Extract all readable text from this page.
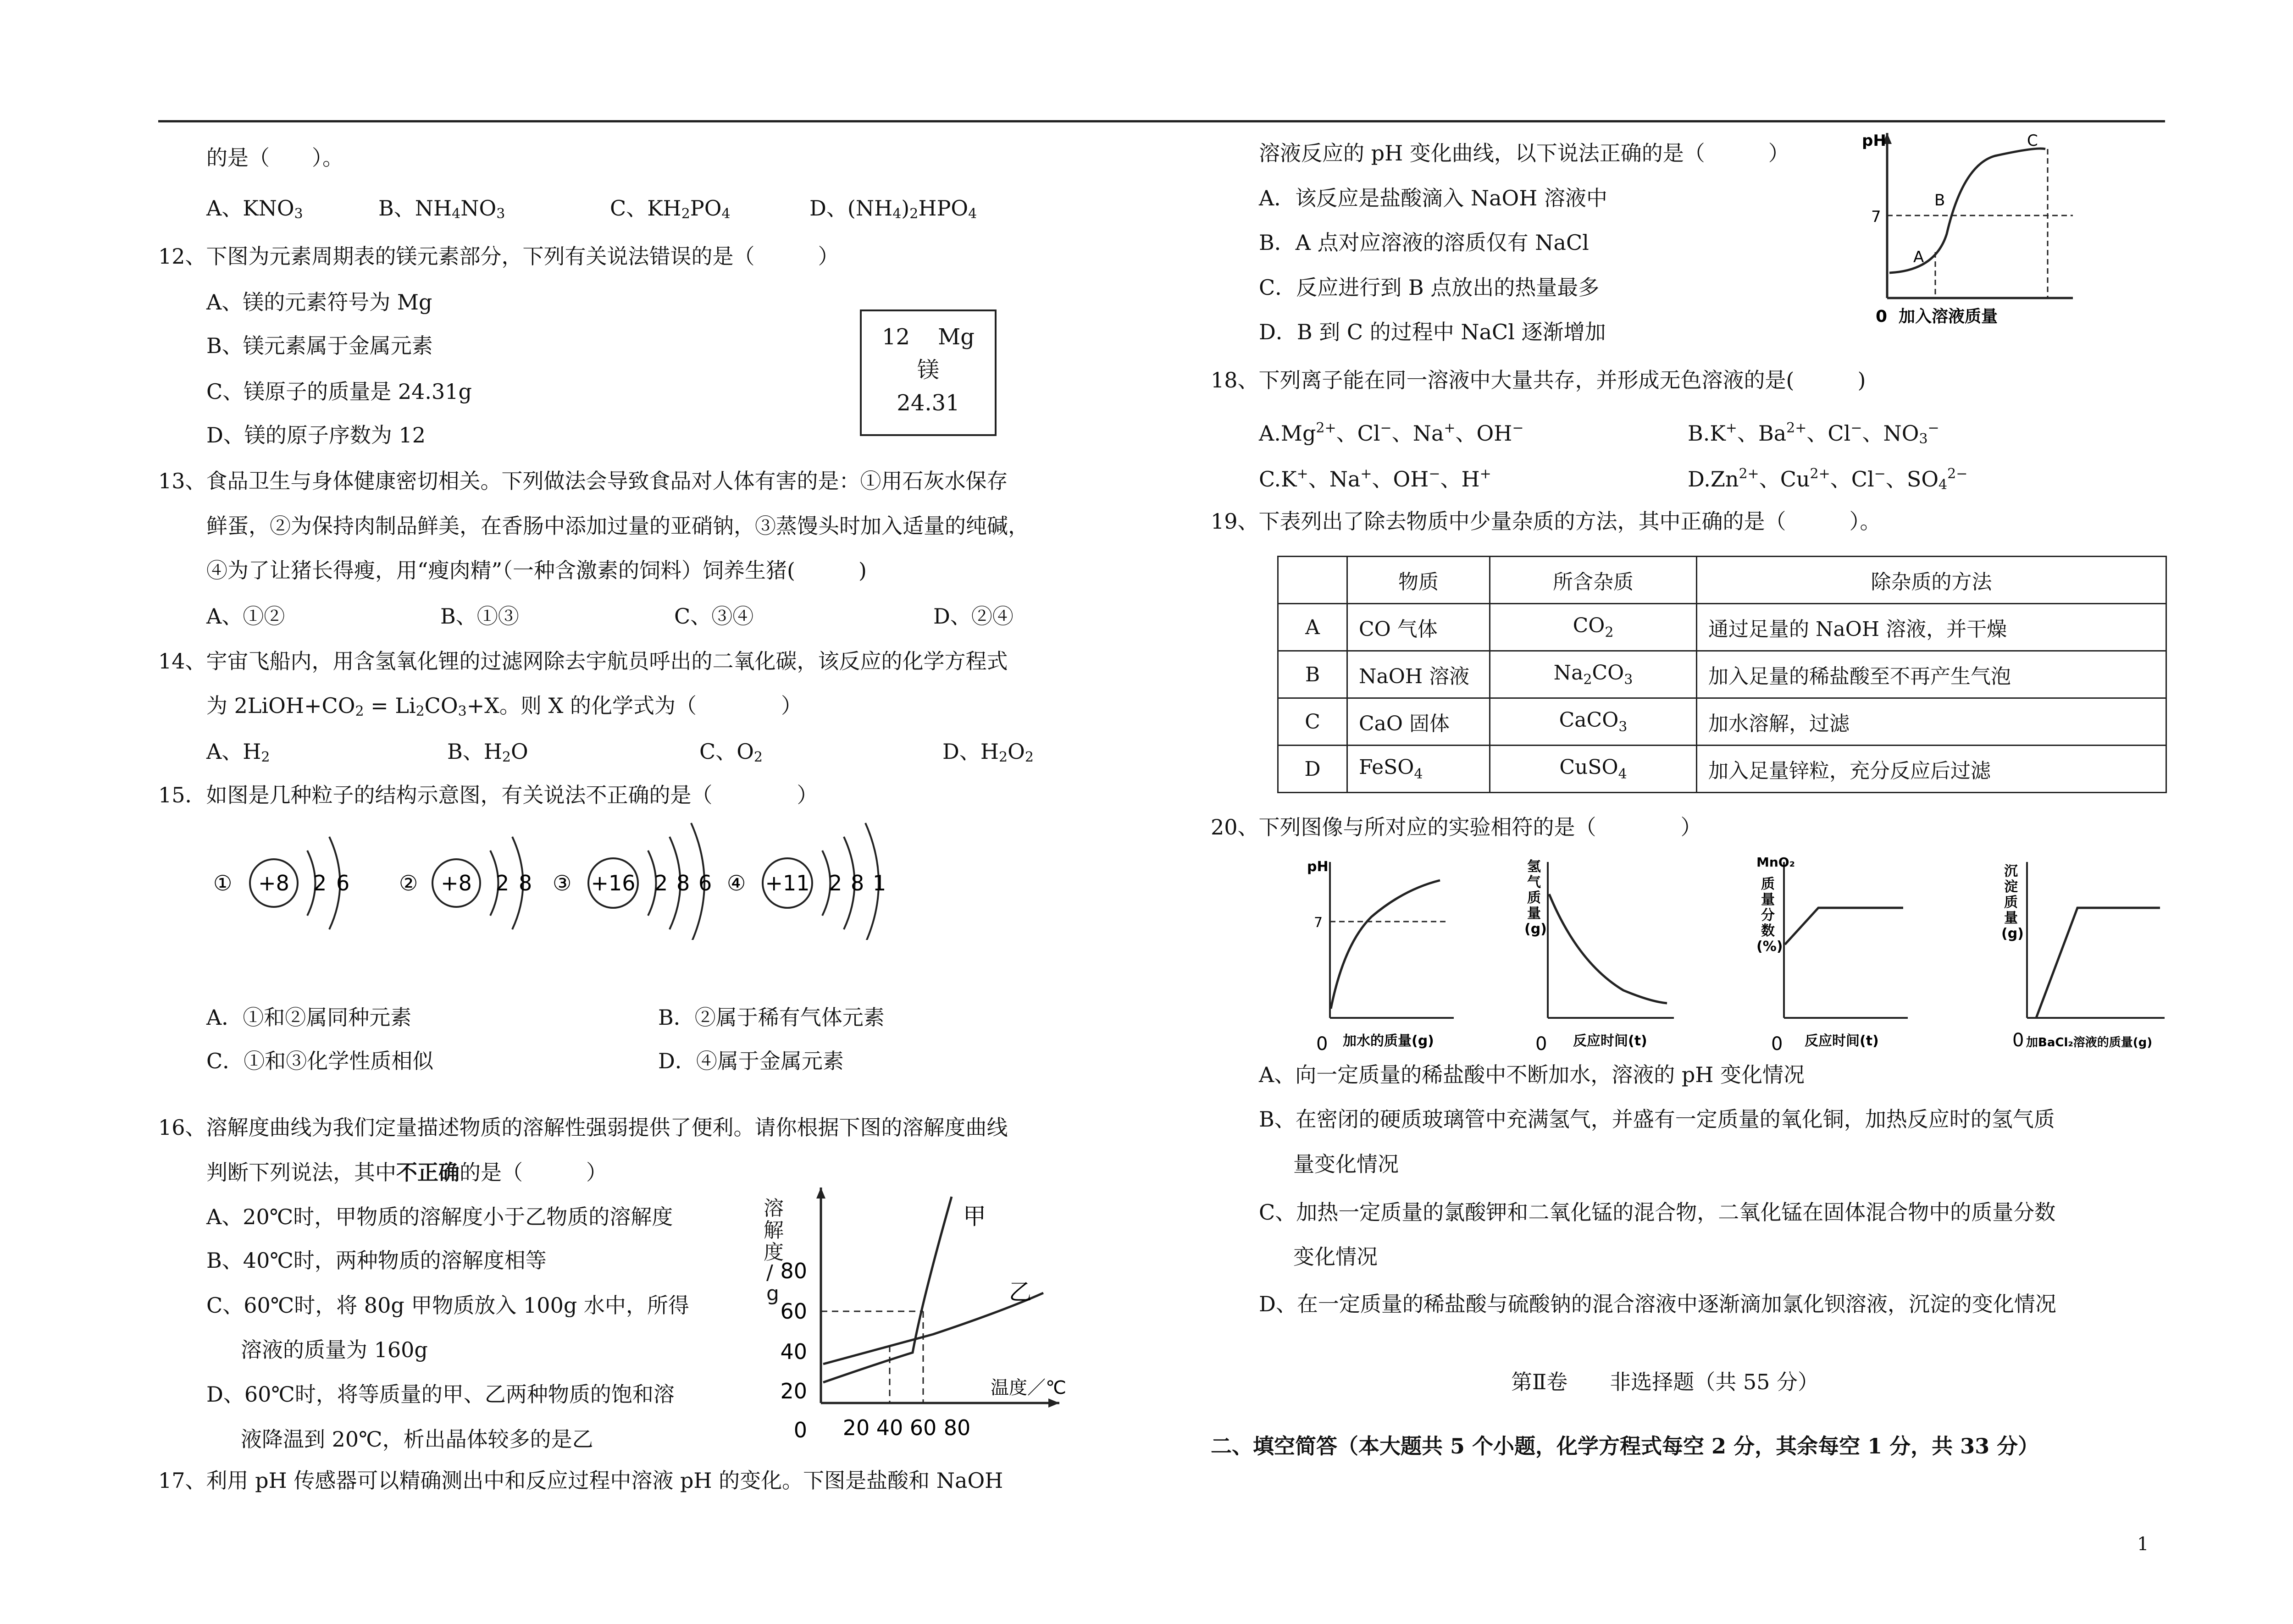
的是（　　）。
A、$KNO_3$	B、$NH_4NO_3$	C、$KH_2PO_4$	D、$(NH_4)_2HPO_4$
12、下图为元素周期表的镁元素部分，下列有关说法错误的是（　　　）
A、镁的元素符号为 Mg
B、镁元素属于金属元素
C、镁原子的质量是 24.31g
D、镁的原子序数为 12
12 Mg
镁
24.31
13、食品卫生与身体健康密切相关。下列做法会导致食品对人体有害的是：①用石灰水保存
鲜蛋，②为保持肉制品鲜美，在香肠中添加过量的亚硝钠，③蒸馒头时加入适量的纯碱，
④为了让猪长得瘦，用“瘦肉精”（一种含激素的饲料）饲养生猪(　　　)
A、①②	B、①③	C、③④	D、②④
14、宇宙飞船内，用含氢氧化锂的过滤网除去宇航员呼出的二氧化碳，该反应的化学方程式
为 $2LiOH+CO_2 = Li_2CO_3+X$。则 X 的化学式为（　　　　）
A、$H_2$	B、$H_2O$	C、$O_2$	D、$H_2O_2$
15．如图是几种粒子的结构示意图，有关说法不正确的是（　　　　）
① +8 2 6 ② +8 2 8 ③ +16 2 8 6 ④ +11 2 8 1
A．①和②属同种元素	B．②属于稀有气体元素
C．①和③化学性质相似	D．④属于金属元素
16、溶解度曲线为我们定量描述物质的溶解性强弱提供了便利。请你根据下图的溶解度曲线
判断下列说法，其中不正确的是（　　　）
A、20℃时，甲物质的溶解度小于乙物质的溶解度
B、40℃时，两种物质的溶解度相等
C、60℃时，将 80g 甲物质放入 100g 水中，所得
溶液的质量为 160g
D、60℃时，将等质量的甲、乙两种物质的饱和溶
液降温到 20℃，析出晶体较多的是乙
溶
解
度
/
g
80
60
40
20
0 20 40 60 80
温度／℃
甲
乙
17、利用 pH 传感器可以精确测出中和反应过程中溶液 pH 的变化。下图是盐酸和 NaOH
溶液反应的 pH 变化曲线，以下说法正确的是（　　　）
A．该反应是盐酸滴入 NaOH 溶液中
B．A 点对应溶液的溶质仅有 NaCl
C．反应进行到 B 点放出的热量最多
D．B 到 C 的过程中 NaCl 逐渐增加
pH
7
0 加入溶液质量
A
B
C
18、下列离子能在同一溶液中大量共存，并形成无色溶液的是(　　　)
$A.Mg^{2+}$、Cl−、Na+、OH−	B.K+、$Ba^{2+}$、Cl−、$NO_3^-$
C.K+、Na+、OH−、H+	$D.Zn^{2+}$、$Cu^{2+}$、Cl−、$SO_4^{2-}$
19、下表列出了除去物质中少量杂质的方法，其中正确的是（　　　）。
	物质	所含杂质	除杂质的方法
A	CO 气体	$CO_2$	通过足量的 NaOH 溶液，并干燥
B	NaOH 溶液	$Na_2CO_3$	加入足量的稀盐酸至不再产生气泡
C	CaO 固体	CaCO$_3$	加水溶解，过滤
D	FeSO$_4$	CuSO$_4$	加入足量锌粒，充分反应后过滤
20、下列图像与所对应的实验相符的是（　　　　）
pH
7
0 加水的质量(g)
氢
气
质
量
(g)
0 反应时间(t)
MnO₂
质
量
分
数
(%)
0 反应时间(t)
沉
淀
质
量
(g)
0 加BaCl₂溶液的质量(g)
A、向一定质量的稀盐酸中不断加水，溶液的 pH 变化情况
B、在密闭的硬质玻璃管中充满氢气，并盛有一定质量的氧化铜，加热反应时的氢气质
量变化情况
C、加热一定质量的氯酸钾和二氧化锰的混合物，二氧化锰在固体混合物中的质量分数
变化情况
D、在一定质量的稀盐酸与硫酸钠的混合溶液中逐渐滴加氯化钡溶液，沉淀的变化情况
第Ⅱ卷　　非选择题（共 55 分）
二、填空简答（本大题共 5 个小题，化学方程式每空 2 分，其余每空 1 分，共 33 分）
1
